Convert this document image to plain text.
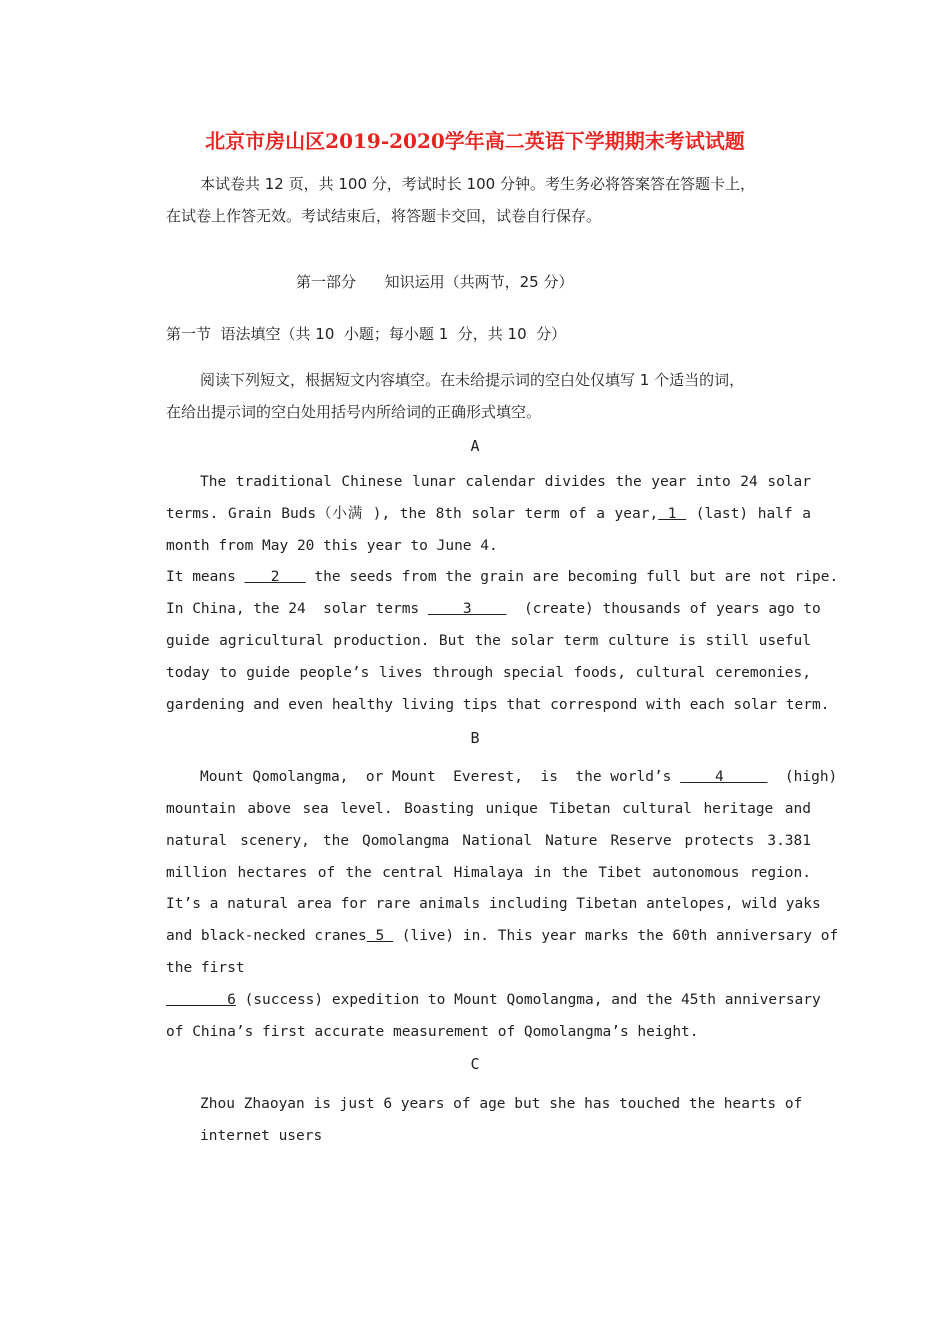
北京市房山区2019-2020学年高二英语下学期期末考试试题
本试卷共 12 页，共 100 分，考试时长 100 分钟。考生务必将答案答在答题卡上，
在试卷上作答无效。考试结束后，将答题卡交回，试卷自行保存。
第一部分      知识运用（共两节，25 分）
第一节  语法填空（共 10  小题；每小题 1  分，共 10  分）
阅读下列短文，根据短文内容填空。在未给提示词的空白处仅填写 1 个适当的词，
在给出提示词的空白处用括号内所给词的正确形式填空。
A
The traditional Chinese lunar calendar divides the year into 24 solar
terms. Grain Buds（小满 ), the 8th solar term of a year, 1  (last) half a
month from May 20 this year to June 4.
It means    2    the seeds from the grain are becoming full but are not ripe.
In China, the 24  solar terms     3      (create) thousands of years ago to
guide agricultural production. But the solar term culture is still useful
today to guide people’s lives through special foods, cultural ceremonies,
gardening and even healthy living tips that correspond with each solar term.
B
Mount Qomolangma,  or Mount  Everest,  is  the world’s     4       (high)
mountain above sea level. Boasting unique Tibetan cultural heritage and
natural scenery, the Qomolangma National Nature Reserve protects 3.381
million hectares of the central Himalaya in the Tibet autonomous region.
It’s a natural area for rare animals including Tibetan antelopes, wild yaks
and black-necked cranes 5  (live) in. This year marks the 60th anniversary of
the first
6 (success) expedition to Mount Qomolangma, and the 45th anniversary
of China’s first accurate measurement of Qomolangma’s height.
C
Zhou Zhaoyan is just 6 years of age but she has touched the hearts of
internet users
